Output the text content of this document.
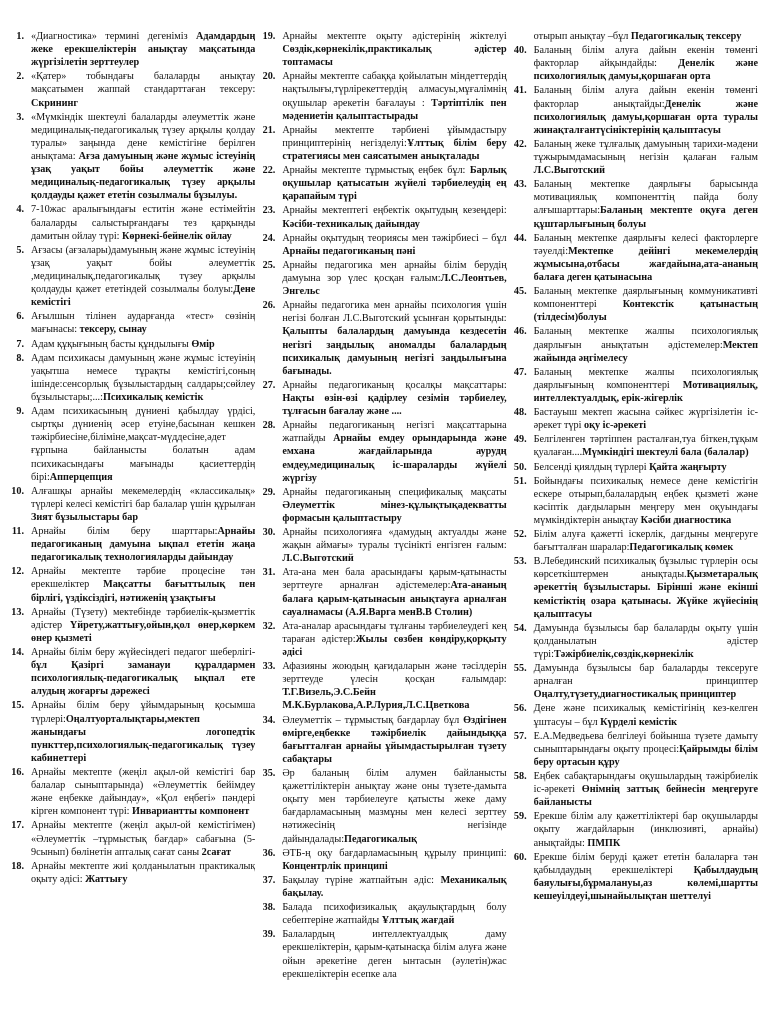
1. «Диагностика» термині дегеніміз Адамдардың жеке ерекшеліктерін анықтау мақсатында жүргізілетін зерттеулер
2. «Қатер» тобындағы балаларды анықтау мақсатымен жаппай стандарттаған тексеру: Скрининг
3. «Мүмкіндік шектеулі балаларды әлеуметтік және медициналық-педагогикалық түзеу арқылы қолдау туралы» заңында дене кемістігіне берілген анықтама: Ағза дамуының және жұмыс істеуінің ұзақ уақыт бойы әлеуметтік және медициналық-педагогикалық түзеу арқылы қолдауды қажет ететін созылмалы бұзылуы.
4. 7-10жас аралығындағы еститін және естімейтін балаларды салыстырғандағы тез қарқынды дамитын ойлау түрі: Көрнекі-бейнелік ойлау
5. Ағзасы (ағзалары)дамуының және жұмыс істеуінің ұзақ уақыт бойы әлеуметтік ,медициналық,педагогикалық түзеу арқылы қолдауды қажет ететіндей созылмалы болуы:Дене кемістігі
6. Ағылшын тілінен аударғанда «тест» сөзінің мағынасы: тексеру, сынау
7. Адам құқығының басты құндылығы Өмір
8. Адам психикасы дамуының және жұмыс істеуінің уақытша немесе тұрақты кемістігі,соның ішінде:сенсорлық бұзылыстардың салдары;сөйлеу бұзылыстары;...:Психикалық кемістік
9. Адам психикасының дүниені қабылдау үрдісі, сыртқы дүниенің әсер етуіне,басынан кешкен тәжірбиесіне,біліміне,мақсат-мүддесіне,әдет ғұрпына байланысты болатын адам психикасындағы мағынады қасиеттердің бірі:Апперцепция
10. Алғашқы арнайы мекемелердің «классикалық» түрлері келесі кемістігі бар балалар үшін құрылған Зият бұзылыстары бар
11. Арнайы білім беру шарттары:Арнайы педагогиканың дамуына ықпал ететін жаңа педагогикалық технологияларды дайындау
12. Арнайы мектепте тәрбие процесіне тән ерекшеліктер Мақсатты бағыттылық пен бірлігі, үздіксіздігі, нәтиженің ұзақтығы
13. Арнайы (Түзету) мектебінде тәрбиелік-қызметтік әдістер Үйрету,жаттығу,ойын,қол өнер,көркем өнер қызметі
14. Арнайы білім беру жүйесіндегі педагог шеберлігі-бұл Қазіргі заманауи құралдармен психологиялық-педагогикалық ықпал ете алудың жоғарғы дәрежесі
15. Арнайы білім беру ұйымдарының қосымша түрлері:Оңалтуорталықтары,мектеп жанындағы логопедтік пункттер,психологиялық-педагогикалық түзеу кабинеттері
16. Арнайы мектепте (жеңіл ақыл-ой кемістігі бар балалар сыныптарында) «Әлеуметтік бейімдеу және еңбекке дайындау», «Қол еңбегі» пәндері кірген компонент түрі: Инвариантты компонент
17. Арнайы мектепте (жеңіл ақыл-ой кемістігімен) «Әлеуметтік –тұрмыстық бағдар» сабағына (5-9сынып) бөлінетін апталық сағат саны 2сағат
18. Арнайы мектепте жиі қолданылатын практикалық оқыту әдісі: Жаттығу
19. Арнайы мектепте оқыту әдістерінің жіктелуі Сөздік,көрнекілік,практикалық әдістер топтамасы
20. Арнайы мектепте сабаққа қойылатын міндеттердің нақтылығы,түрлірекеттердің алмасуы,мұғалімнің оқушылар әрекетін бағалауы : Тәртіптілік пен мәдениетін қалыптастырады
21. Арнайы мектепте тәрбиені ұйымдастыру принциптерінің негізделуі:Ұлттық білім беру стратегиясы мен саясатымен анықталады
22. Арнайы мектепте тұрмыстық еңбек бұл: Барлық оқушылар қатысатын жүйелі тәрбиелеудің ең қарапайым түрі
23. Арнайы мектептегі еңбектік оқытудың кезеңдері: Кәсіби-техникалық дайындау
24. Арнайы оқытудың теориясы мен тәжірбиесі – бұл Арнайы педагогиканың пәні
25. Арнайы педагогика мен арнайы білім берудің дамуына зор үлес қосқан ғалым:Л.С.Леонтьев, Энгельс
26. Арнайы педагогика мен арнайы психология үшін негізі болған Л.С.Выготский ұсынған қорытынды: Қалыпты балалардың дамуында кездесетін негізгі заңдылық аномалды балалардың психикалық дамуының негізгі заңдылығына бағынады.
27. Арнайы педагогиканың қосалқы мақсаттары: Нақты өзін-өзі қадірлеу сезімін тәрбиелеу, тұлғасын бағалау және ....
28. Арнайы педагогиканың негізгі мақсаттарына жатпайды Арнайы емдеу орындарында және емхана жағдайларында аурудң емдеу,медициналық іс-шараларды жүйелі жүргізу
29. Арнайы педагогиканың спецификалық мақсаты Әлеуметтік мінез-құлықтықадекватты формасын қалыптастыру
30. Арнайы психологияға «дамудың актуалды және жақын аймағы» туралы түсінікті енгізген ғалым: Л.С.Выготский
31. Ата-ана мен бала арасындағы қарым-қатынасты зерттеуге арналған әдістемелер:Ата-ананың балаға қарым-қатынасын анықтауға арналған сауалнамасы (А.Я.Варга менВ.В Столин)
32. Ата-аналар арасындағы тұлғаны тәрбиелеудегі кең тараған әдістер:Жылы сөзбен көндіру,қорқыту әдісі
33. Афазияны жоюдың қағидаларын және тәсілдерін зерттеуде үлесін қосқан ғалымдар: Т.Г.Визель,Э.С.Бейн М.К.Бурлакова,А.Р.Лурия,Л.С.Цветкова
34. Әлеуметтік – тұрмыстық бағдарлау бұл Өздігінен өмірге,еңбекке тәжірбиелік дайындыққа бағытталған арнайы ұйымдастырылған түзету сабақтары
35. Әр баланың білім алумен байланысты қажеттіліктерін анықтау және оны түзете-дамыта оқыту мен тәрбиелеуге қатысты жеке даму бағдарламасының мазмұны мен келесі зерттеу нәтижесінің негізінде дайындалады:Педагогикалық
36. ӘТБ-ң оқу бағдарламасының құрылу принципі: Концентрлік принципі
37. Бақылау түріне жатпайтын әдіс: Механикалық бақылау.
38. Балада психофизикалық ақаулықтардың болу себептеріне жатпайды Ұлттық жағдай
39. Балалардың интеллектуалдық даму ерекшеліктерін, қарым-қатынасқа білім алуға және ойын әрекетіне деген ынтасын (әулетін)жас ерекшеліктерін есепке ала
отырып анықтау –бұл Педагогикалық тексеру
40. Баланың білім алуға дайын екенін төменгі факторлар айқындайды: Денелік және психологиялық дамуы,қоршаған орта
41. Баланың білім алуға дайын екенін төменгі факторлар анықтайды:Денелік және психологиялық дамуы,қоршаған орта туралы жинақталғантүсініктерінің қалыптасуы
42. Баланың жеке тұлғалық дамуының тарихи-мәдени тұжырымдамасының негізін қалаған ғалым Л.С.Выготский
43. Баланың мектепке даярлығы барысында мотивациялық компоненттің пайда болу алғышарттары:Баланың мектепте оқуға деген құштарлығының болуы
44. Баланың мектепке даярлығы келесі факторлерге тәуелді:Мектепке дейінгі мекемелердің жұмысына,отбасы жағдайына,ата-ананың балаға деген қатынасына
45. Баланың мектепке даярлығының коммуникативті компоненттері Контекстік қатынастың (тілдесім)болуы
46. Баланың мектепке жалпы психологиялық даярлығын анықтатын әдістемелер:Мектеп жайында әңгімелесу
47. Баланың мектепке жалпы психологиялық даярлығының компоненттері Мотивациялық, интеллектуалдық, ерік-жігерлік
48. Бастауыш мектеп жасына сәйкес жүргізілетін іс-әрекет түрі оқу іс-әрекеті
49. Белгіленген тәртіппен расталған,туа біткен,тұқым қуалаған....Мүмкіндігі шектеулі бала (балалар)
50. Белсенді қиялдың түрлері Қайта жаңғырту
51. Бойындағы психикалық немесе дене кемістігін ескере отырып,балалардың еңбек қызметі және кәсіптік дағдыларын меңгеру мен оқуындағы мүмкіндіктерін анықтау Кәсіби диагностика
52. Білім алуға қажетті іскерлік, дағдыны меңгеруге бағытталған шаралар:Педагогикалық көмек
53. В.Лебединский психикалық бұзылыс түрлерін осы көрсеткіштермен анықтады.Қызметаралық әрекеттің бұзылыстары. Бірінші және екінші кемістіктің озара қатынасы. Жүйке жүйесінің қалыптасуы
54. Дамуында бұзылысы бар балаларды оқыту үшін қолданылатын әдістер түрі:Тәжірбиелік,сөздік,көрнекілік
55. Дамуында бұзылысы бар балаларды тексеруге арналған принциптер Оңалту,түзету,диагностикалық принциптер
56. Дене және психикалық кемістігінің кез-келген ұштасуы – бұл Күрделі кемістік
57. Е.А.Медведьева белгілеуі бойынша түзете дамыту сыныптарындағы оқыту процесі:Қайрымды білім беру ортасын құру
58. Еңбек сабақтарындағы оқушылардың тәжірбиелік іс-әрекеті Өнімнің заттық бейнесін меңгеруге байланысты
59. Ерекше білім алу қажеттіліктері бар оқушыларды оқыту жағдайларын (инклюзивті, арнайы) анықтайды: ПМПК
60. Ерекше білім беруді қажет ететін балаларға тән қабылдаудың ерекшеліктері Қабылдаудың баяулығы,бұрмалануы,аз көлемі,шартты кешеуілдеуі,шынайылықтан шеттелуі
